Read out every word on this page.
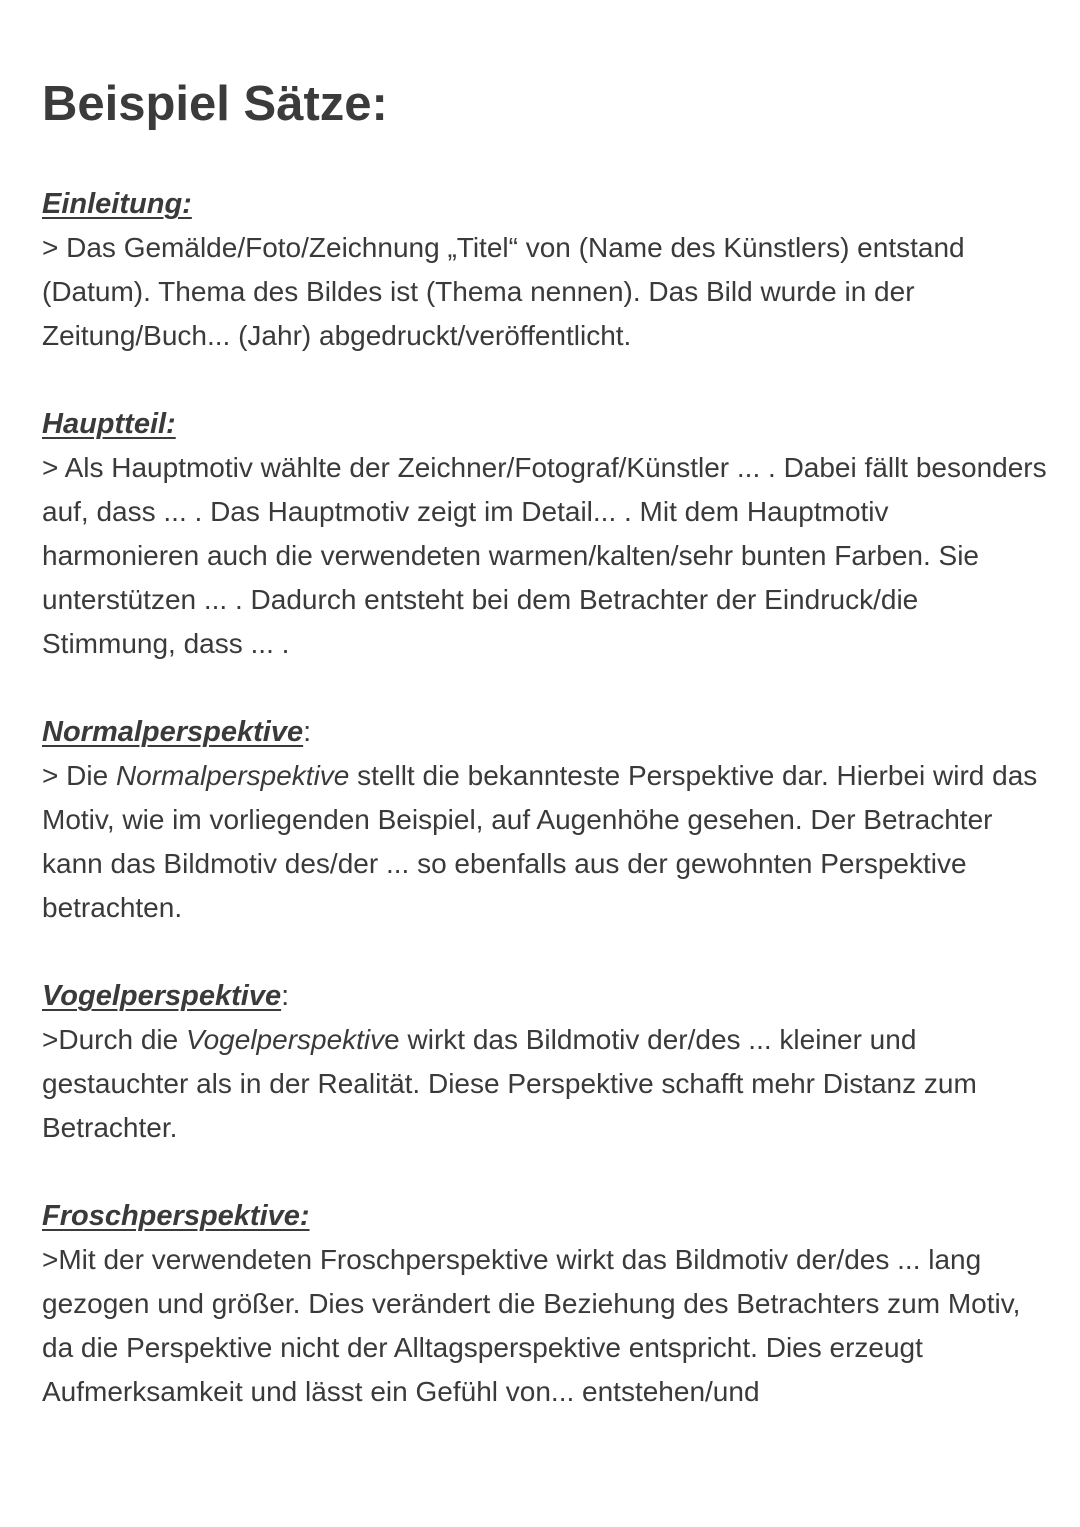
Beispiel Sätze:
Einleitung:

> Das Gemälde/Foto/Zeichnung „Titel“ von (Name des Künstlers) entstand (Datum). Thema des Bildes ist (Thema nennen). Das Bild wurde in der Zeitung/Buch... (Jahr) abgedruckt/veröffentlicht.

Hauptteil:

> Als Hauptmotiv wählte der Zeichner/Fotograf/Künstler ... . Dabei fällt besonders auf, dass ... . Das Hauptmotiv zeigt im Detail... . Mit dem Hauptmotiv harmonieren auch die verwendeten warmen/kalten/sehr bunten Farben. Sie unterstützen ... . Dadurch entsteht bei dem Betrachter der Eindruck/die Stimmung, dass ... .

Normalperspektive:

> Die Normalperspektive stellt die bekannteste Perspektive dar. Hierbei wird das Motiv, wie im vorliegenden Beispiel, auf Augenhöhe gesehen. Der Betrachter kann das Bildmotiv des/der ... so ebenfalls aus der gewohnten Perspektive betrachten.

Vogelperspektive:

>Durch die Vogelperspektive wirkt das Bildmotiv der/des ... kleiner und gestauchter als in der Realität. Diese Perspektive schafft mehr Distanz zum Betrachter.

Froschperspektive:

>Mit der verwendeten Froschperspektive wirkt das Bildmotiv der/des ... lang gezogen und größer. Dies verändert die Beziehung des Betrachters zum Motiv, da die Perspektive nicht der Alltagsperspektive entspricht. Dies erzeugt Aufmerksamkeit und lässt ein Gefühl von... entstehen/und
